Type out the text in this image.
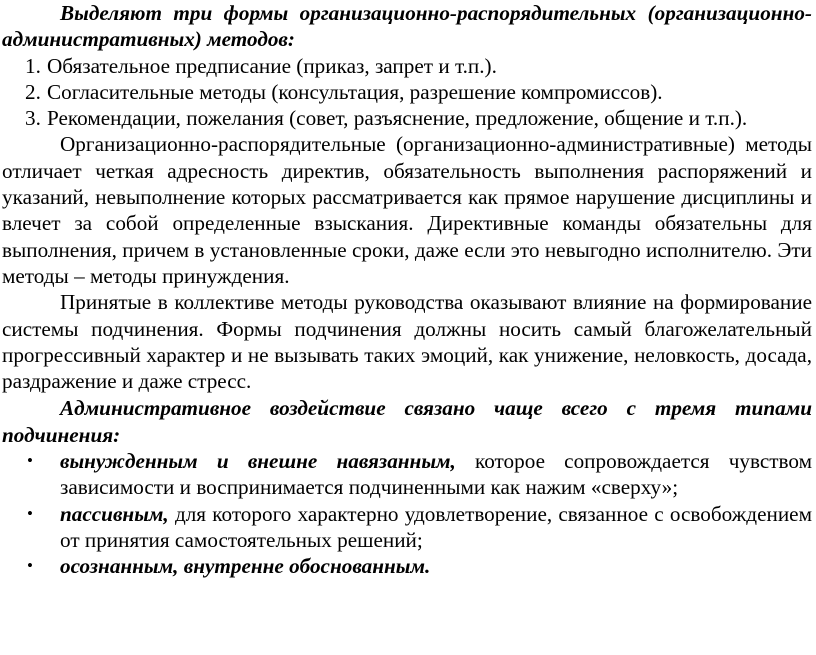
Выделяют три формы организационно-распорядительных (организационно-административных) методов:

1. Обязательное предписание (приказ, запрет и т.п.).
2. Согласительные методы (консультация, разрешение компромиссов).
3. Рекомендации, пожелания (совет, разъяснение, предложение, общение и т.п.).

Организационно-распорядительные (организационно-административные) методы отличает четкая адресность директив, обязательность выполнения распоряжений и указаний, невыполнение которых рассматривается как прямое нарушение дисциплины и влечет за собой определенные взыскания. Директивные команды обязательны для выполнения, причем в установленные сроки, даже если это невыгодно исполнителю. Эти методы – методы принуждения.

Принятые в коллективе методы руководства оказывают влияние на формирование системы подчинения. Формы подчинения должны носить самый благожелательный прогрессивный характер и не вызывать таких эмоций, как унижение, неловкость, досада, раздражение и даже стресс.

Административное воздействие связано чаще всего с тремя типами подчинения:

• вынужденным и внешне навязанным, которое сопровождается чувством зависимости и воспринимается подчиненными как нажим «сверху»;
• пассивным, для которого характерно удовлетворение, связанное с освобождением от принятия самостоятельных решений;
• осознанным, внутренне обоснованным.
